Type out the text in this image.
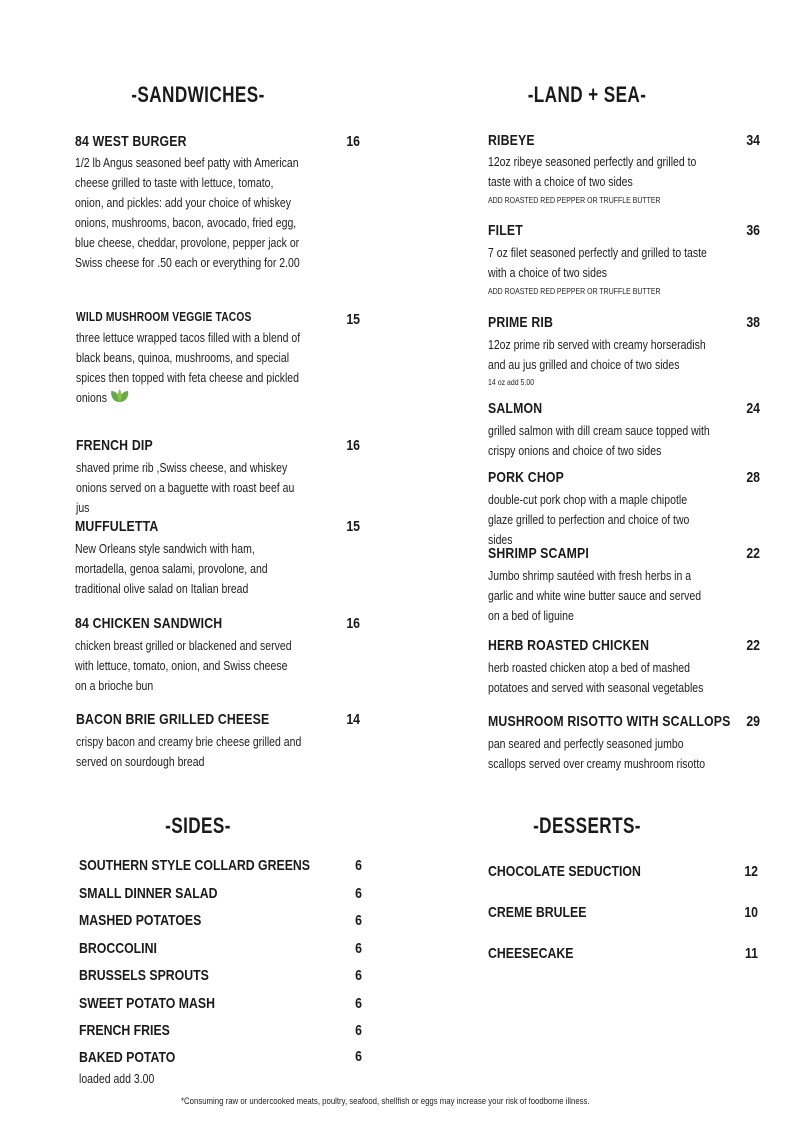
-SANDWICHES-
84 WEST BURGER	16
1/2 lb Angus seasoned beef patty with American cheese grilled to taste with lettuce, tomato, onion, and pickles: add your choice of whiskey onions, mushrooms, bacon, avocado, fried egg, blue cheese, cheddar, provolone, pepper jack or Swiss cheese for .50 each or everything for 2.00
WILD MUSHROOM VEGGIE TACOS	15
three lettuce wrapped tacos filled with a blend of black beans, quinoa, mushrooms, and special spices then topped with feta cheese and pickled onions
FRENCH DIP	16
shaved prime rib ,Swiss cheese, and whiskey onions served on a baguette with roast beef au jus
MUFFULETTA	15
New Orleans style sandwich with ham, mortadella, genoa salami, provolone, and traditional olive salad on Italian bread
84 CHICKEN SANDWICH	16
chicken breast grilled or blackened and served with lettuce, tomato, onion, and Swiss cheese on a brioche bun
BACON BRIE GRILLED CHEESE	14
crispy bacon and creamy brie cheese grilled and served on sourdough bread
-LAND + SEA-
RIBEYE	34
12oz ribeye seasoned perfectly and grilled to taste with a choice of two sides
ADD ROASTED RED PEPPER OR TRUFFLE BUTTER
FILET	36
7 oz filet seasoned perfectly and grilled to taste with a choice of two sides
ADD ROASTED RED PEPPER OR TRUFFLE BUTTER
PRIME RIB	38
12oz prime rib served with creamy horseradish and au jus grilled and choice of two sides
14 oz add 5.00
SALMON	24
grilled salmon with dill cream sauce topped with crispy onions and choice of two sides
PORK CHOP	28
double-cut pork chop with a maple chipotle glaze grilled to perfection and choice of two sides
SHRIMP SCAMPI	22
Jumbo shrimp sautéed with fresh herbs in a garlic and white wine butter sauce and served on a bed of liguine
HERB ROASTED CHICKEN	22
herb roasted chicken atop a bed of mashed potatoes and served with seasonal vegetables
MUSHROOM RISOTTO WITH SCALLOPS	29
pan seared and perfectly seasoned jumbo scallops served over creamy mushroom risotto
-SIDES-
SOUTHERN STYLE COLLARD GREENS	6
SMALL DINNER SALAD	6
MASHED POTATOES	6
BROCCOLINI	6
BRUSSELS SPROUTS	6
SWEET POTATO MASH	6
FRENCH FRIES	6
BAKED POTATO	6
loaded add 3.00
-DESSERTS-
CHOCOLATE SEDUCTION	12
CREME BRULEE	10
CHEESECAKE	11
*Consuming raw or undercooked meats, poultry, seafood, shellfish or eggs may increase your risk of foodborne illness.
